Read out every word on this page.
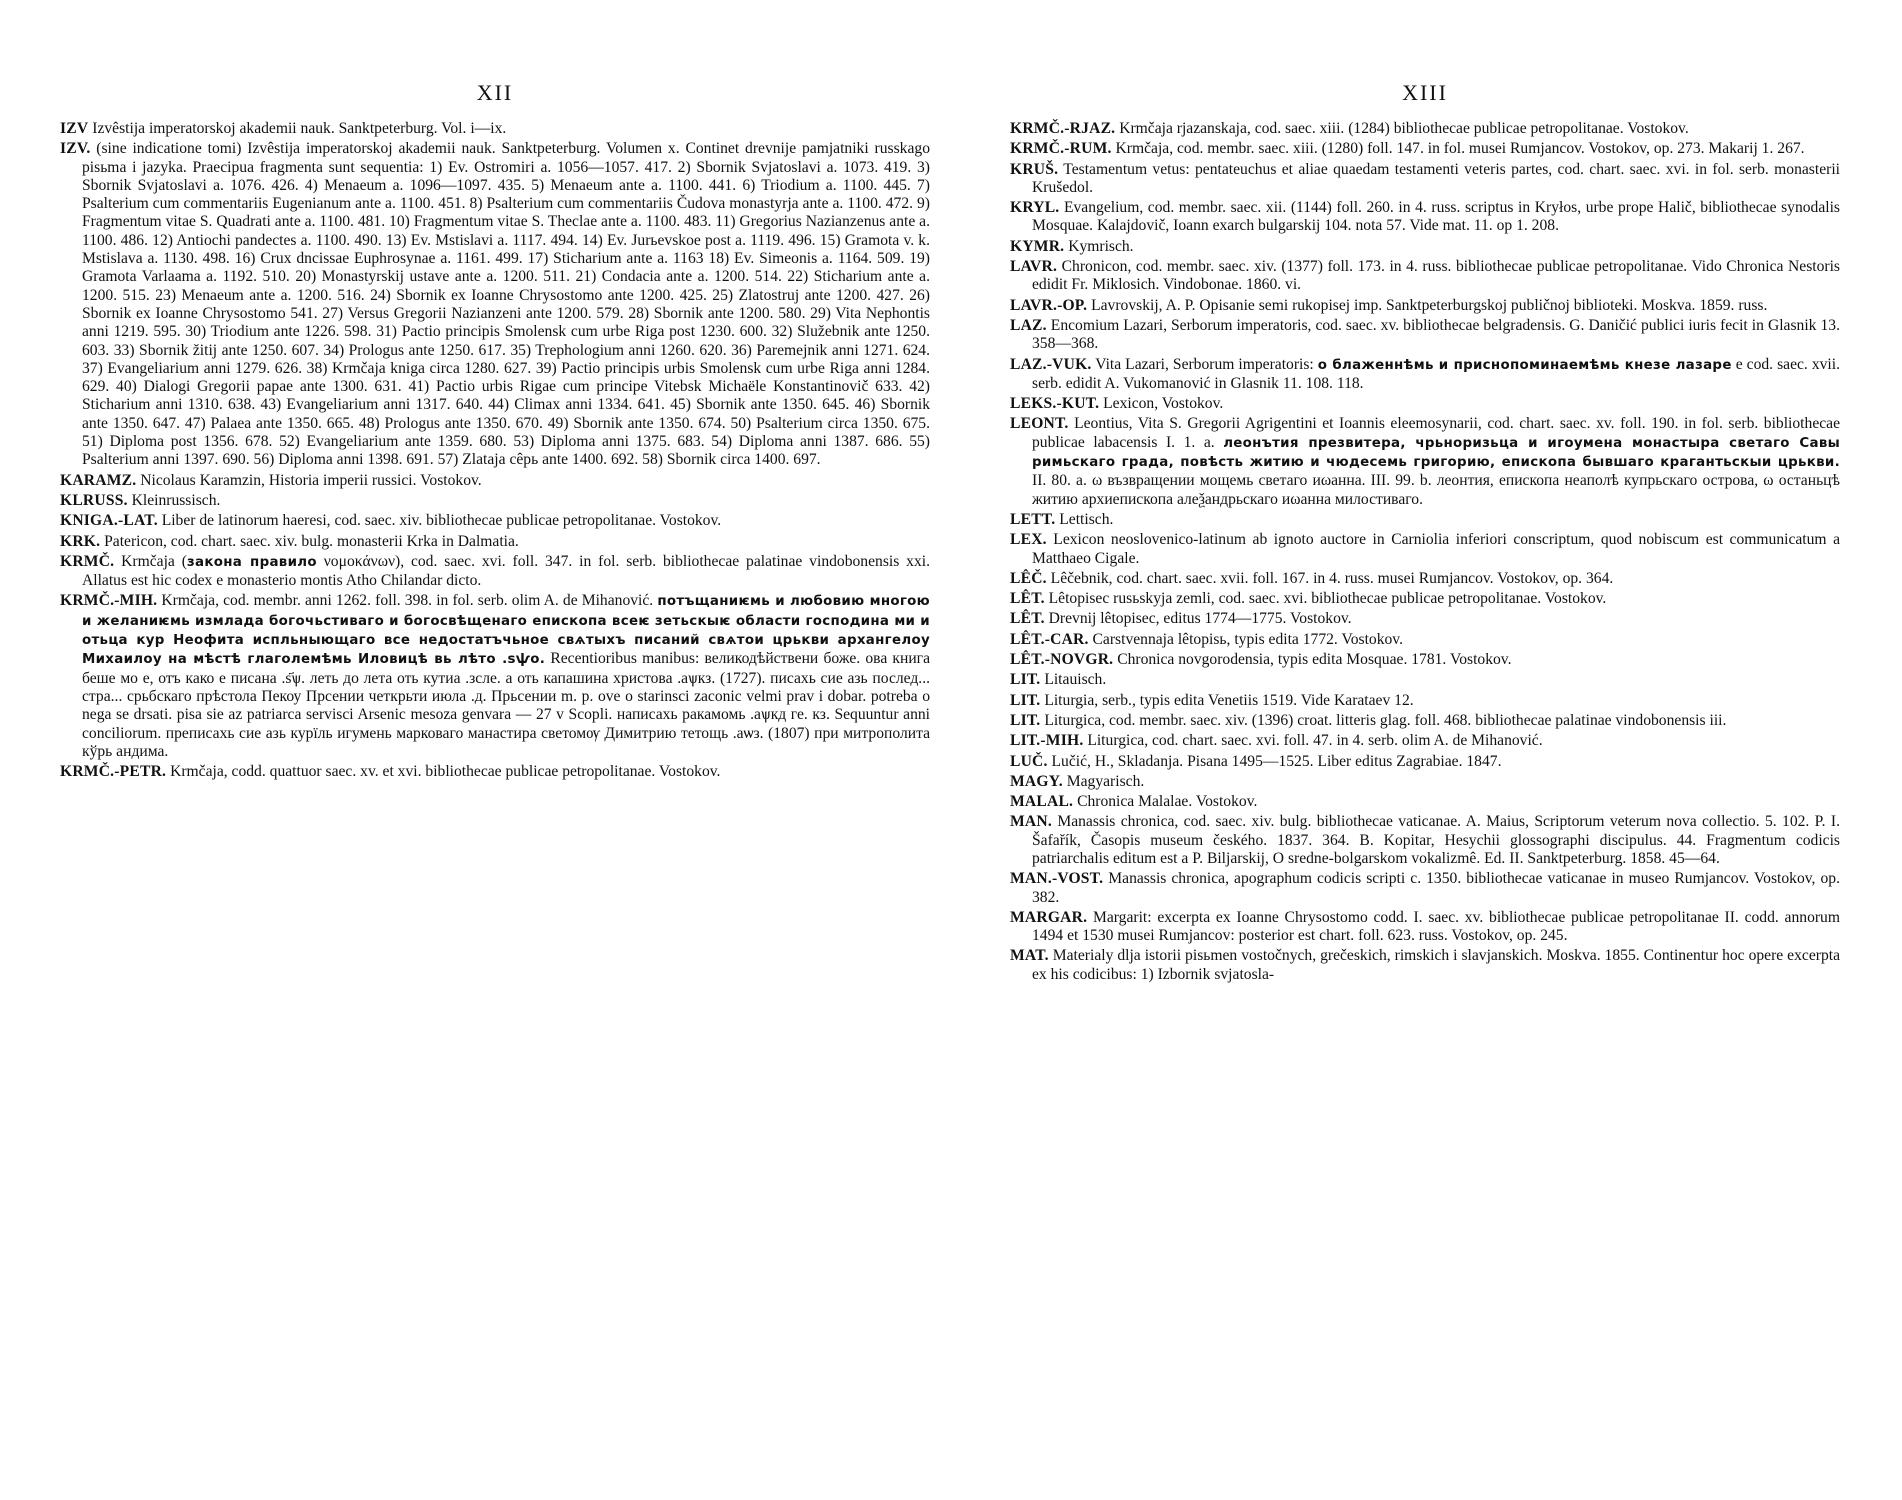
XII

IZV Izvêstija imperatorskoj akademii nauk. Sanktpeterburg. Vol. i—ix.

IZV. (sine indicatione tomi) Izvêstija imperatorskoj akademii nauk. Sanktpeterburg. Volumen x. Continet drevnije pamjatniki russkago pisьma i jazyka. Praecipua fragmenta sunt sequentia: 1) Ev. Ostromiri a. 1056—1057. 417. 2) Sbornik Svjatoslavi a. 1073. 419. 3) Sbornik Svjatoslavi a. 1076. 426. 4) Menaeum a. 1096—1097. 435. 5) Menaeum ante a. 1100. 441. 6) Triodium a. 1100. 445. 7) Psalterium cum commentariis Eugenianum ante a. 1100. 451. 8) Psalterium cum commentariis Čudova monastyrja ante a. 1100. 472. 9) Fragmentum vitae S. Quadrati ante a. 1100. 481. 10) Fragmentum vitae S. Theclae ante a. 1100. 483. 11) Gregorius Nazianzenus ante a. 1100. 486. 12) Antiochi pandectes a. 1100. 490. 13) Ev. Mstislavi a. 1117. 494. 14) Ev. Jurьevskoe post a. 1119. 496. 15) Gramota v. k. Mstislava a. 1130. 498. 16) Crux dncissae Euphrosynae a. 1161. 499. 17) Sticharium ante a. 1163 18) Ev. Simeonis a. 1164. 509. 19) Gramota Varlaama a. 1192. 510. 20) Monastyrskij ustave ante a. 1200. 511. 21) Condacia ante a. 1200. 514. 22) Sticharium ante a. 1200. 515. 23) Menaeum ante a. 1200. 516. 24) Sbornik ex Ioanne Chrysostomo ante 1200. 425. 25) Zlatostruj ante 1200. 427. 26) Sbornik ex Ioanne Chrysostomo 541. 27) Versus Gregorii Nazianzeni ante 1200. 579. 28) Sbornik ante 1200. 580. 29) Vita Nephontis anni 1219. 595. 30) Triodium ante 1226. 598. 31) Pactio principis Smolensk cum urbe Riga post 1230. 600. 32) Služebnik ante 1250. 603. 33) Sbornik žitij ante 1250. 607. 34) Prologus ante 1250. 617. 35) Trephologium anni 1260. 620. 36) Paremejnik anni 1271. 624. 37) Evangeliarium anni 1279. 626. 38) Krmčaja kniga circa 1280. 627. 39) Pactio principis urbis Smolensk cum urbe Riga anni 1284. 629. 40) Dialogi Gregorii papae ante 1300. 631. 41) Pactio urbis Rigae cum principe Vitebsk Michaële Konstantinovič 633. 42) Sticharium anni 1310. 638. 43) Evangeliarium anni 1317. 640. 44) Climax anni 1334. 641. 45) Sbornik ante 1350. 645. 46) Sbornik ante 1350. 647. 47) Palaea ante 1350. 665. 48) Prologus ante 1350. 670. 49) Sbornik ante 1350. 674. 50) Psalterium circa 1350. 675. 51) Diploma post 1356. 678. 52) Evangeliarium ante 1359. 680. 53) Diploma anni 1375. 683. 54) Diploma anni 1387. 686. 55) Psalterium anni 1397. 690. 56) Diploma anni 1398. 691. 57) Zlataja cêpь ante 1400. 692. 58) Sbornik circa 1400. 697.

KARAMZ. Nicolaus Karamzin, Historia imperii russici. Vostokov.

KLRUSS. Kleinrussisch.

KNIGA.-LAT. Liber de latinorum haeresi, cod. saec. xiv. bibliothecae publicae petropolitanae. Vostokov.

KRK. Patericon, cod. chart. saec. xiv. bulg. monasterii Krka in Dalmatia.

KRMČ. Krmčaja (закона правило νομοκάνων), cod. saec. xvi. foll. 347. in fol. serb. bibliothecae palatinae vindobonensis xxi. Allatus est hic codex e monasterio montis Atho Chilandar dicto.

KRMČ.-MIH. Krmčaja, cod. membr. anni 1262. foll. 398. in fol. serb. olim A. de Mihanović. потъщаниѥмь и любовию многою и желаниѥмь измлада богочьстиваго и богосвѣщенаго епископа всеѥ зетьскыѥ области господина ми и отьца кур Неофита испльныющаго все недостатъчьное свѧтыхъ писаний свѧтои црькви архангелоу Михаилоу на мѣстѣ глаголемѣмь Иловицѣ вь лѣто .ѕѱо. Recentioribus manibus: великодѣйствени боже. ова книга беше мо е, отъ како е писана .ѕ҃ѱ. леть до лета оть кутиа .зсле. а оть капашина христова .аѱкз. (1727). писахь сие азь послед... стра... срьбскаго прѣстола Пекоу Прсении четкрьти июла .д. Прьсении m. p. ove o starinsci zaconic velmi prav i dobar. potreba o nega se drsati. pisa sie az patriarca servisci Arsenic mesoza genvara — 27 v Scopli. написахь ракамомь .аѱкд ге. кз. Sequuntur anni conciliorum. преписахь сие азь курїль игумень марковаго манастира светомѹ Димитрию тетощь .аѡз. (1807) при митрополита кўрь андима.

KRMČ.-PETR. Krmčaja, codd. quattuor saec. xv. et xvi. bibliothecae publicae petropolitanae. Vostokov.

XIII

KRMČ.-RJAZ. Krmčaja rjazanskaja, cod. saec. xiii. (1284) bibliothecae publicae petropolitanae. Vostokov.

KRMČ.-RUM. Krmčaja, cod. membr. saec. xiii. (1280) foll. 147. in fol. musei Rumjancov. Vostokov, op. 273. Makarij 1. 267.

KRUŠ. Testamentum vetus: pentateuchus et aliae quaedam testamenti veteris partes, cod. chart. saec. xvi. in fol. serb. monasterii Krušedol.

KRYL. Evangelium, cod. membr. saec. xii. (1144) foll. 260. in 4. russ. scriptus in Kryłos, urbe prope Halič, bibliothecae synodalis Mosquae. Kalajdovič, Ioann exarch bulgarskij 104. nota 57. Vide mat. 11. op 1. 208.

KYMR. Kymrisch.

LAVR. Chronicon, cod. membr. saec. xiv. (1377) foll. 173. in 4. russ. bibliothecae publicae petropolitanae. Vido Chronica Nestoris edidit Fr. Miklosich. Vindobonae. 1860. vi.

LAVR.-OP. Lavrovskij, A. P. Opisanie semi rukopisej imp. Sanktpeterburgskoj publičnoj biblioteki. Moskva. 1859. russ.

LAZ. Encomium Lazari, Serborum imperatoris, cod. saec. xv. bibliothecae belgradensis. G. Daničić publici iuris fecit in Glasnik 13. 358—368.

LAZ.-VUK. Vita Lazari, Serborum imperatoris: о блаженнѣмь и приснопоминаемѣмь кнезе лазаре e cod. saec. xvii. serb. edidit A. Vukomanović in Glasnik 11. 108. 118.

LEKS.-KUT. Lexicon, Vostokov.

LEONT. Leontius, Vita S. Gregorii Agrigentini et Ioannis eleemosynarii, cod. chart. saec. xv. foll. 190. in fol. serb. bibliothecae publicae labacensis I. 1. a. леонътия презвитера, чрьноризьца и игоумена монастыра светаго Савы римьскаго града, повѣсть житию и чюдесемь григорию, епископа бывшаго крагантьскыи црькви. II. 80. a. ω възвращении мощемь светаго иωанна. III. 99. b. леонтия, епископа неаполѣ купрьскаго острова, ω останьцѣ житию архиепископа алеѯандрьскаго иωанна милостиваго.

LETT. Lettisch.

LEX. Lexicon neoslovenico-latinum ab ignoto auctore in Carniolia inferiori conscriptum, quod nobiscum est communicatum a Matthaeo Cigale.

LÊČ. Lêčebnik, cod. chart. saec. xvii. foll. 167. in 4. russ. musei Rumjancov. Vostokov, op. 364.

LÊT. Lêtopisec rusьskyja zemli, cod. saec. xvi. bibliothecae publicae petropolitanae. Vostokov.

LÊT. Drevnij lêtopisec, editus 1774—1775. Vostokov.

LÊT.-CAR. Carstvennaja lêtopisь, typis edita 1772. Vostokov.

LÊT.-NOVGR. Chronica novgorodensia, typis edita Mosquae. 1781. Vostokov.

LIT. Litauisch.

LIT. Liturgia, serb., typis edita Venetiis 1519. Vide Karataev 12.

LIT. Liturgica, cod. membr. saec. xiv. (1396) croat. litteris glag. foll. 468. bibliothecae palatinae vindobonensis iii.

LIT.-MIH. Liturgica, cod. chart. saec. xvi. foll. 47. in 4. serb. olim A. de Mihanović.

LUČ. Lučić, H., Skladanja. Pisana 1495—1525. Liber editus Zagrabiae. 1847.

MAGY. Magyarisch.

MALAL. Chronica Malalae. Vostokov.

MAN. Manassis chronica, cod. saec. xiv. bulg. bibliothecae vaticanae. A. Maius, Scriptorum veterum nova collectio. 5. 102. P. I. Šafařík, Časopis museum českého. 1837. 364. B. Kopitar, Hesychii glossographi discipulus. 44. Fragmentum codicis patriarchalis editum est a P. Biljarskij, O sredne-bolgarskom vokalizmê. Ed. II. Sanktpeterburg. 1858. 45—64.

MAN.-VOST. Manassis chronica, apographum codicis scripti c. 1350. bibliothecae vaticanae in museo Rumjancov. Vostokov, op. 382.

MARGAR. Margarit: excerpta ex Ioanne Chrysostomo codd. I. saec. xv. bibliothecae publicae petropolitanae II. codd. annorum 1494 et 1530 musei Rumjancov: posterior est chart. foll. 623. russ. Vostokov, op. 245.

MAT. Materialy dlja istorii pisьmen vostočnych, grečeskich, rimskich i slavjanskich. Moskva. 1855. Continentur hoc opere excerpta ex his codicibus: 1) Izbornik svjatosla-
